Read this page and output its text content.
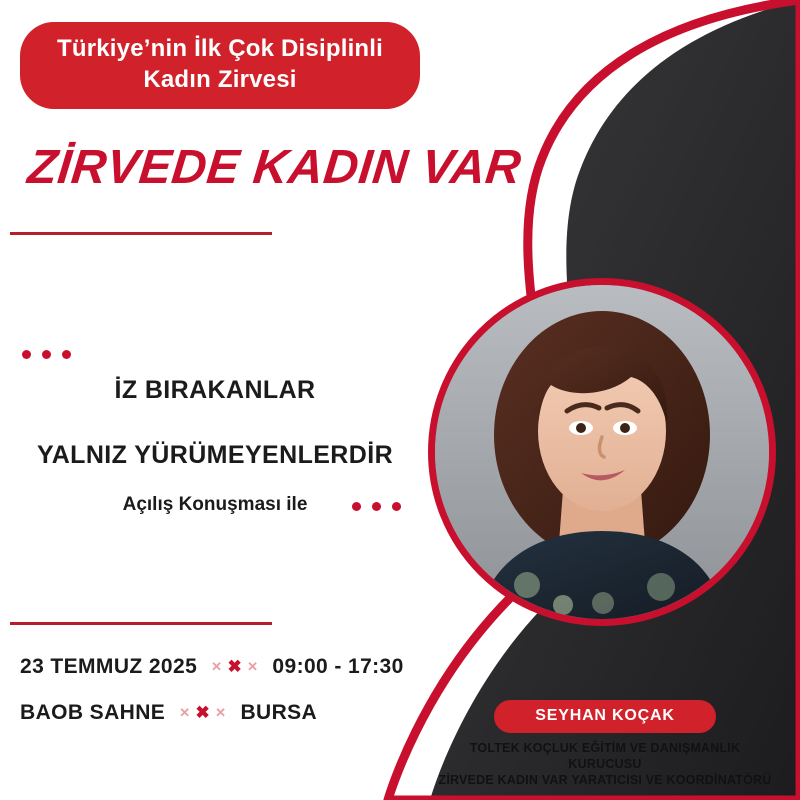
Türkiye’nin İlk Çok Disiplinli
Kadın Zirvesi
ZİRVEDE KADIN VAR
İZ BIRAKANLAR
YALNIZ YÜRÜMEYENLERDİR
Açılış Konuşması ile
23 TEMMUZ 2025 ✕ ✖ ✕ 09:00 - 17:30
BAOB SAHNE ✕ ✖ ✕ BURSA	SEYHAN KOÇAK
TOLTEK KOÇLUK EĞİTİM VE DANIŞMANLIK
KURUCUSU
ZİRVEDE KADIN VAR YARATICISI VE KOORDİNATÖRÜ
